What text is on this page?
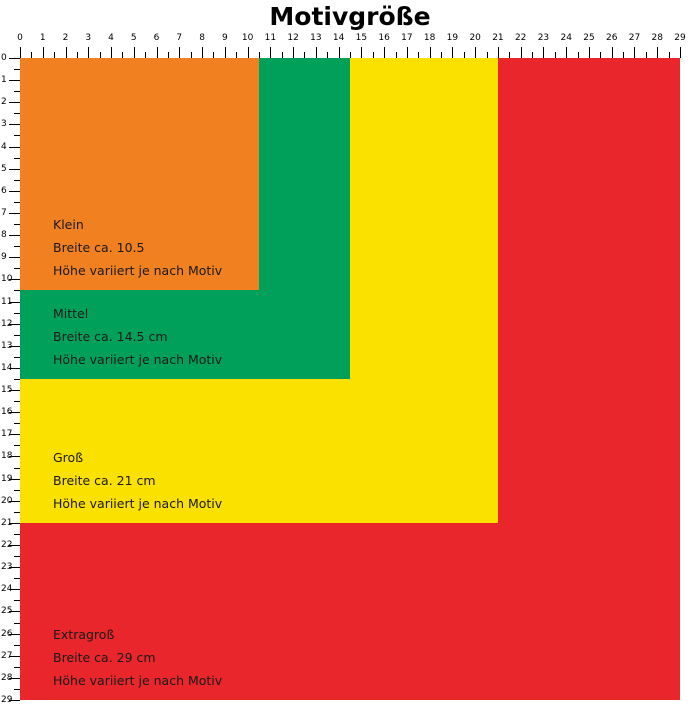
Motivgröße
0 1 2 3 4 5 6 7 8 9 10 11 12 13 14 15 16 17 18 19 20 21 22 23 24 25 26 27 28 29
0
1
2
3
4
5
6
7
8
9
10
11
12
13
14
15
16
17
18
19
20
21
22
23
24
25
26
27
28
29
Extragroß
Breite ca. 29 cm
Höhe variiert je nach Motiv
Groß
Breite ca. 21 cm
Höhe variiert je nach Motiv
Mittel
Breite ca. 14.5 cm
Höhe variiert je nach Motiv
Klein
Breite ca. 10.5
Höhe variiert je nach Motiv
